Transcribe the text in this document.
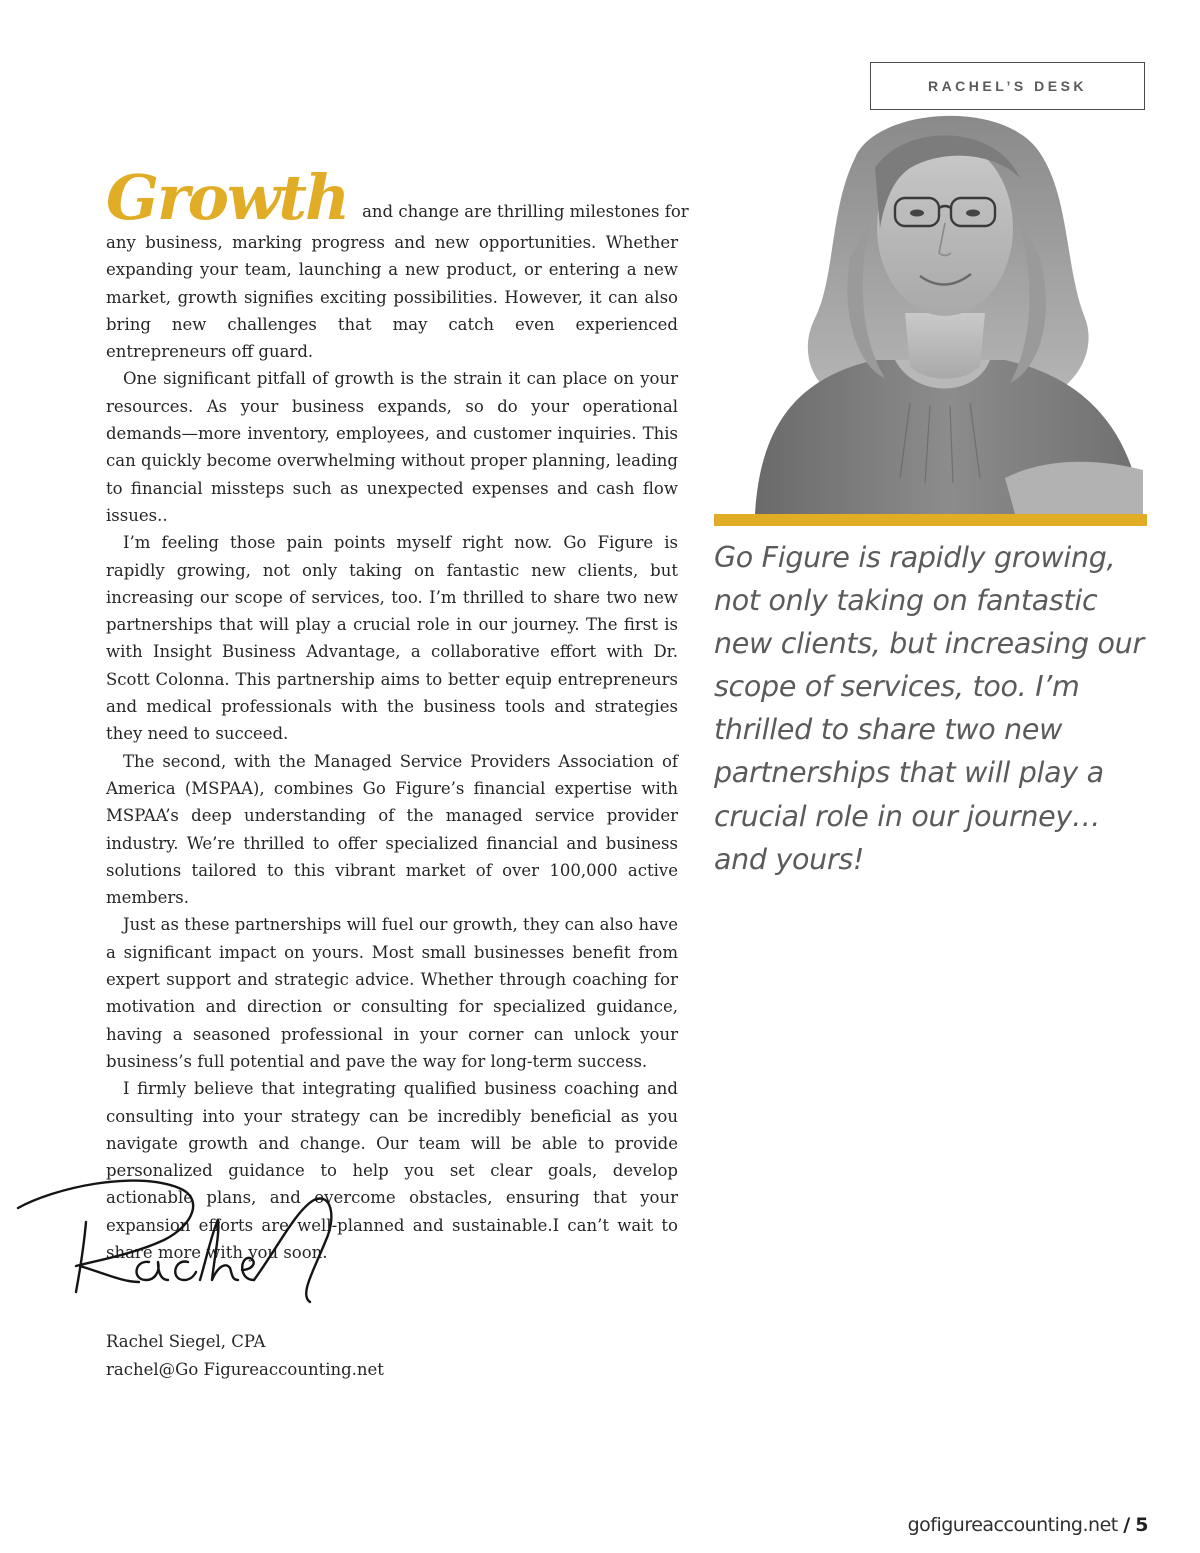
RACHEL’S DESK

Go Figure is rapidly growing, not only taking on fantastic new clients, but increasing our scope of services, too. I’m thrilled to share two new partnerships that will play a crucial role in our journey… and yours!

Growth and change are thrilling milestones for

any business, marking progress and new opportunities. Whether expanding your team, launching a new product, or entering a new market, growth signifies exciting possibilities. However, it can also bring new challenges that may catch even experienced entrepreneurs off guard.

One significant pitfall of growth is the strain it can place on your resources. As your business expands, so do your operational demands—more inventory, employees, and customer inquiries. This can quickly become overwhelming without proper planning, leading to financial missteps such as unexpected expenses and cash flow issues..

I’m feeling those pain points myself right now. Go Figure is rapidly growing, not only taking on fantastic new clients, but increasing our scope of services, too. I’m thrilled to share two new partnerships that will play a crucial role in our journey. The first is with Insight Business Advantage, a collaborative effort with Dr. Scott Colonna. This partnership aims to better equip entrepreneurs and medical professionals with the business tools and strategies they need to succeed.

The second, with the Managed Service Providers Association of America (MSPAA), combines Go Figure’s financial expertise with MSPAA’s deep understanding of the managed service provider industry. We’re thrilled to offer specialized financial and business solutions tailored to this vibrant market of over 100,000 active members.

Just as these partnerships will fuel our growth, they can also have a significant impact on yours. Most small businesses benefit from expert support and strategic advice. Whether through coaching for motivation and direction or consulting for specialized guidance, having a seasoned professional in your corner can unlock your business’s full potential and pave the way for long-term success.

I firmly believe that integrating qualified business coaching and consulting into your strategy can be incredibly beneficial as you navigate growth and change. Our team will be able to provide personalized guidance to help you set clear goals, develop actionable plans, and overcome obstacles, ensuring that your expansion efforts are well-planned and sustainable.I can’t wait to share more with you soon.

Rachel Siegel, CPA
rachel@Go Figureaccounting.net
gofigureaccounting.net / 5
